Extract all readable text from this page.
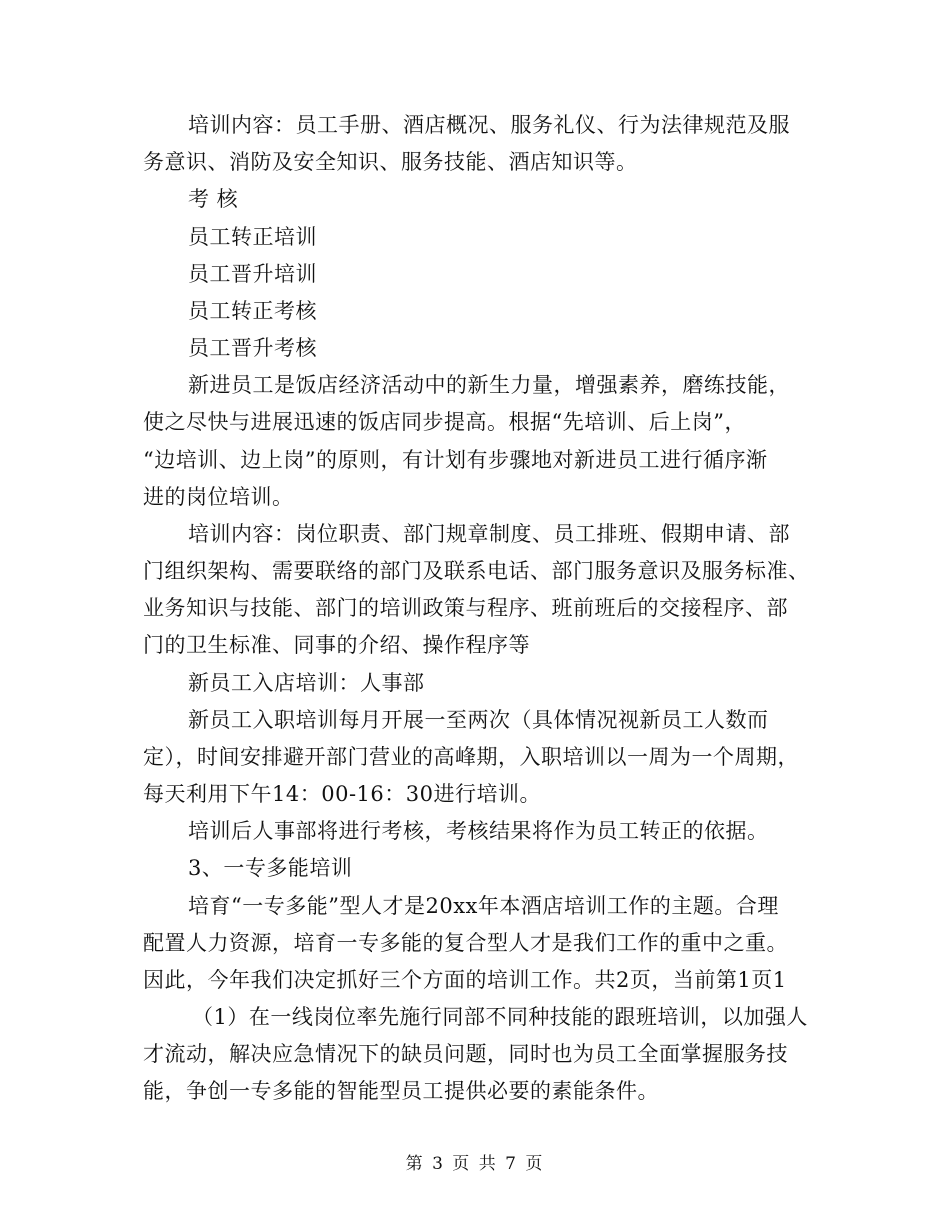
培训内容：员工手册、酒店概况、服务礼仪、行为法律规范及服
务意识、消防及安全知识、服务技能、酒店知识等。
考 核
员工转正培训
员工晋升培训
员工转正考核
员工晋升考核
新进员工是饭店经济活动中的新生力量，增强素养，磨练技能，
使之尽快与进展迅速的饭店同步提高。根据“先培训、后上岗”，
“边培训、边上岗”的原则，有计划有步骤地对新进员工进行循序渐
进的岗位培训。
培训内容：岗位职责、部门规章制度、员工排班、假期申请、部
门组织架构、需要联络的部门及联系电话、部门服务意识及服务标准、
业务知识与技能、部门的培训政策与程序、班前班后的交接程序、部
门的卫生标准、同事的介绍、操作程序等
新员工入店培训：人事部
新员工入职培训每月开展一至两次（具体情况视新员工人数而
定），时间安排避开部门营业的高峰期，入职培训以一周为一个周期，
每天利用下午14：00-16：30进行培训。
培训后人事部将进行考核，考核结果将作为员工转正的依据。
3、一专多能培训
培育“一专多能”型人才是20xx年本酒店培训工作的主题。合理
配置人力资源，培育一专多能的复合型人才是我们工作的重中之重。
因此，今年我们决定抓好三个方面的培训工作。共2页，当前第1页1
（1）在一线岗位率先施行同部不同种技能的跟班培训，以加强人
才流动，解决应急情况下的缺员问题，同时也为员工全面掌握服务技
能，争创一专多能的智能型员工提供必要的素能条件。
第 3 页 共 7 页
